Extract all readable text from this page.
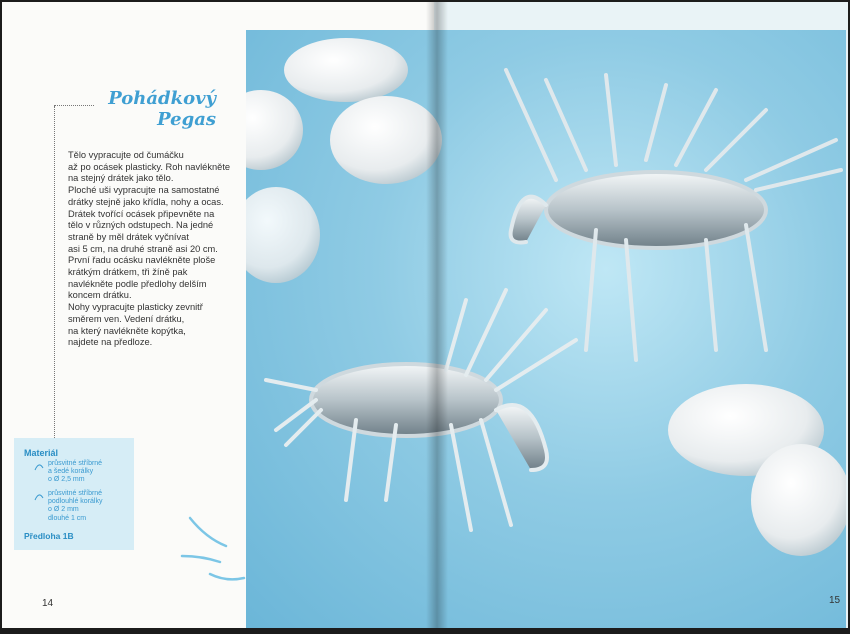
Pohádkový
Pegas
Tělo vypracujte od čumáčku
až po ocásek plasticky. Roh navlékněte
na stejný drátek jako tělo.
Ploché uši vypracujte na samostatné
drátky stejně jako křídla, nohy a ocas.
Drátek tvořící ocásek připevněte na
tělo v různých odstupech. Na jedné
straně by měl drátek vyčnívat
asi 5 cm, na druhé straně asi 20 cm.
První řadu ocásku navlékněte ploše
krátkým drátkem, tři žíně pak
navlékněte podle předlohy delším
koncem drátku.
Nohy vypracujte plasticky zevnitř
směrem ven. Vedení drátku,
na který navlékněte kopýtka,
najdete na předloze.
Materiál
průsvitné stříbrné
a šedé korálky
o Ø 2,5 mm
průsvitné stříbrné
podlouhlé korálky
o Ø 2 mm
dlouhé 1 cm
Předloha 1B
14	15
